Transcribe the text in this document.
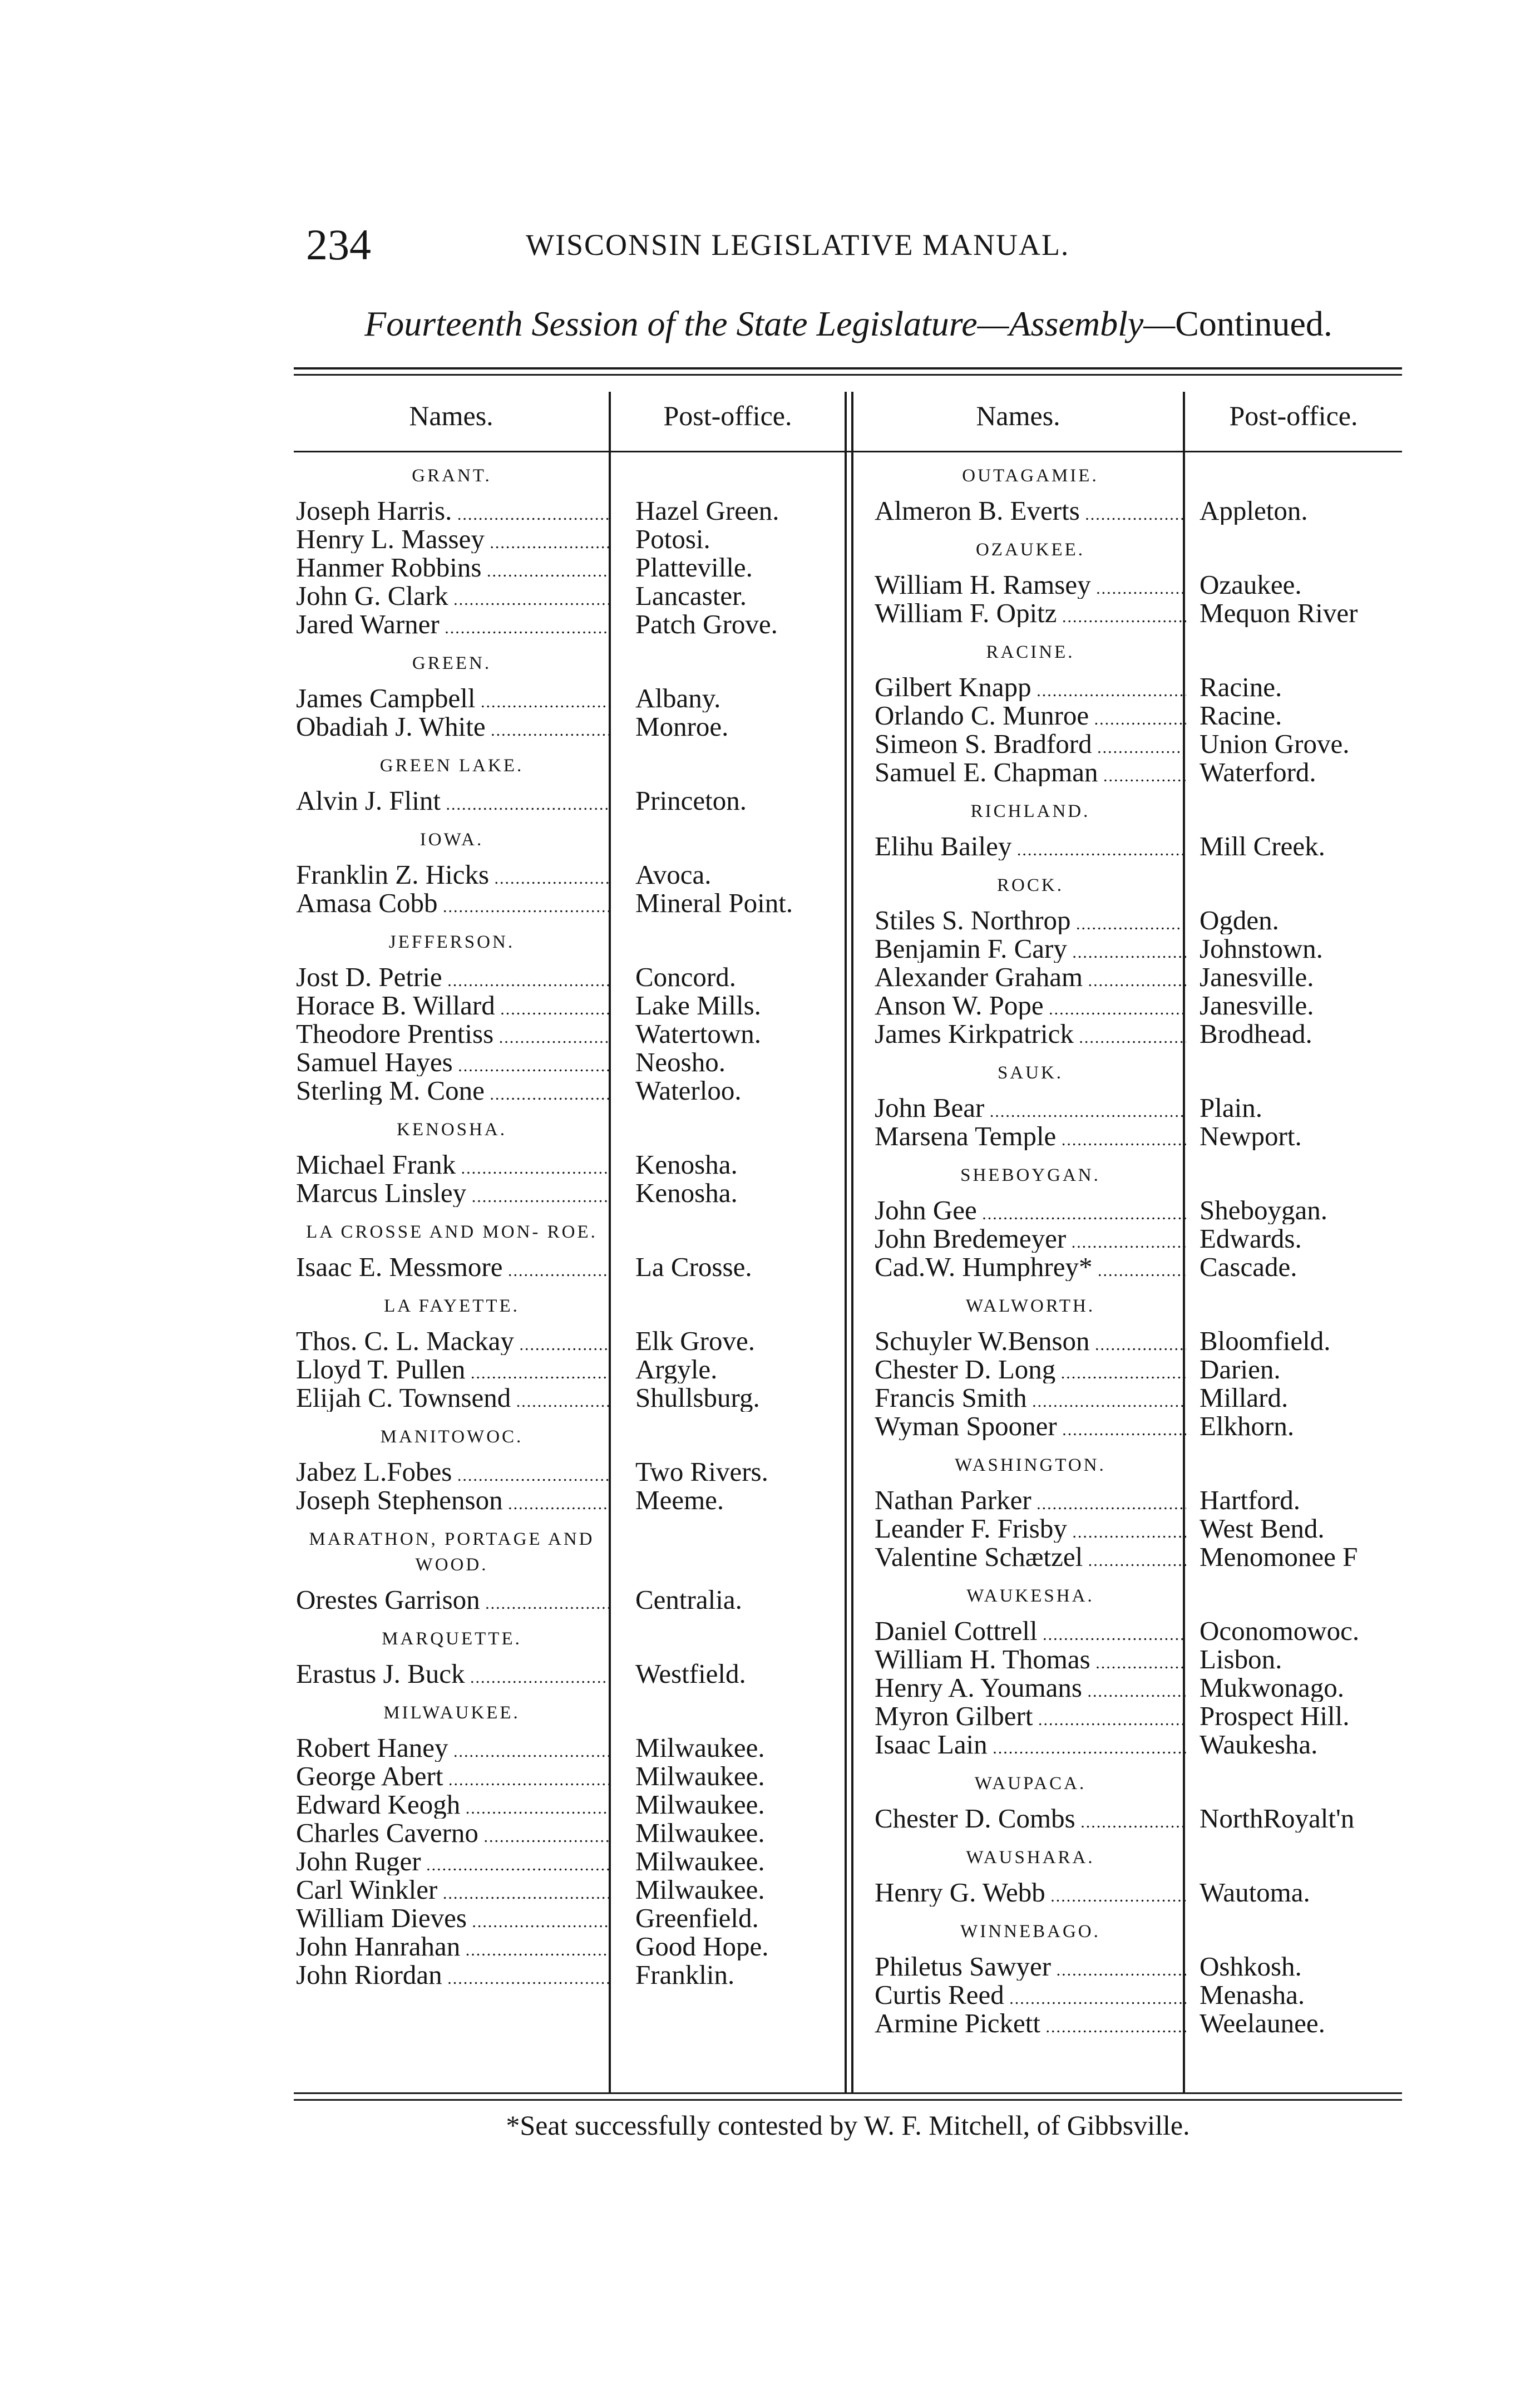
234	WISCONSIN LEGISLATIVE MANUAL.
Fourteenth Session of the State Legislature—Assembly—Continued.
Names.	Post-office.	Names.	Post-office.
GRANT.
Joseph Harris. .....	Hazel Green.
Henry L. Massey .....	Potosi.
Hanmer Robbins .....	Platteville.
John G. Clark .....	Lancaster.
Jared Warner .....	Patch Grove.
GREEN.
James Campbell .....	Albany.
Obadiah J. White .....	Monroe.
GREEN LAKE.
Alvin J. Flint .....	Princeton.
IOWA.
Franklin Z. Hicks .....	Avoca.
Amasa Cobb .....	Mineral Point.
JEFFERSON.
Jost D. Petrie .....	Concord.
Horace B. Willard .....	Lake Mills.
Theodore Prentiss .....	Watertown.
Samuel Hayes .....	Neosho.
Sterling M. Cone .....	Waterloo.
KENOSHA.
Michael Frank .....	Kenosha.
Marcus Linsley .....	Kenosha.
LA CROSSE AND MON- ROE.
Isaac E. Messmore .....	La Crosse.
LA FAYETTE.
Thos. C. L. Mackay .....	Elk Grove.
Lloyd T. Pullen .....	Argyle.
Elijah C. Townsend .....	Shullsburg.
MANITOWOC.
Jabez L.Fobes .....	Two Rivers.
Joseph Stephenson .....	Meeme.
MARATHON, PORTAGE AND WOOD.
Orestes Garrison .....	Centralia.
MARQUETTE.
Erastus J. Buck .....	Westfield.
MILWAUKEE.
Robert Haney .....	Milwaukee.
George Abert .....	Milwaukee.
Edward Keogh .....	Milwaukee.
Charles Caverno .....	Milwaukee.
John Ruger .....	Milwaukee.
Carl Winkler .....	Milwaukee.
William Dieves .....	Greenfield.
John Hanrahan .....	Good Hope.
John Riordan .....	Franklin.
OUTAGAMIE.
Almeron B. Everts .....	Appleton.
OZAUKEE.
William H. Ramsey .....	Ozaukee.
William F. Opitz .....	Mequon River
RACINE.
Gilbert Knapp .....	Racine.
Orlando C. Munroe .....	Racine.
Simeon S. Bradford .....	Union Grove.
Samuel E. Chapman .....	Waterford.
RICHLAND.
Elihu Bailey .....	Mill Creek.
ROCK.
Stiles S. Northrop .....	Ogden.
Benjamin F. Cary .....	Johnstown.
Alexander Graham .....	Janesville.
Anson W. Pope .....	Janesville.
James Kirkpatrick .....	Brodhead.
SAUK.
John Bear .....	Plain.
Marsena Temple .....	Newport.
SHEBOYGAN.
John Gee .....	Sheboygan.
John Bredemeyer .....	Edwards.
Cad.W. Humphrey* .....	Cascade.
WALWORTH.
Schuyler W.Benson .....	Bloomfield.
Chester D. Long .....	Darien.
Francis Smith .....	Millard.
Wyman Spooner .....	Elkhorn.
WASHINGTON.
Nathan Parker .....	Hartford.
Leander F. Frisby .....	West Bend.
Valentine Schætzel .....	Menomonee F
WAUKESHA.
Daniel Cottrell .....	Oconomowoc.
William H. Thomas .....	Lisbon.
Henry A. Youmans .....	Mukwonago.
Myron Gilbert .....	Prospect Hill.
Isaac Lain .....	Waukesha.
WAUPACA.
Chester D. Combs .....	NorthRoyalt'n
WAUSHARA.
Henry G. Webb .....	Wautoma.
WINNEBAGO.
Philetus Sawyer .....	Oshkosh.
Curtis Reed .....	Menasha.
Armine Pickett .....	Weelaunee.
*Seat successfully contested by W. F. Mitchell, of Gibbsville.
